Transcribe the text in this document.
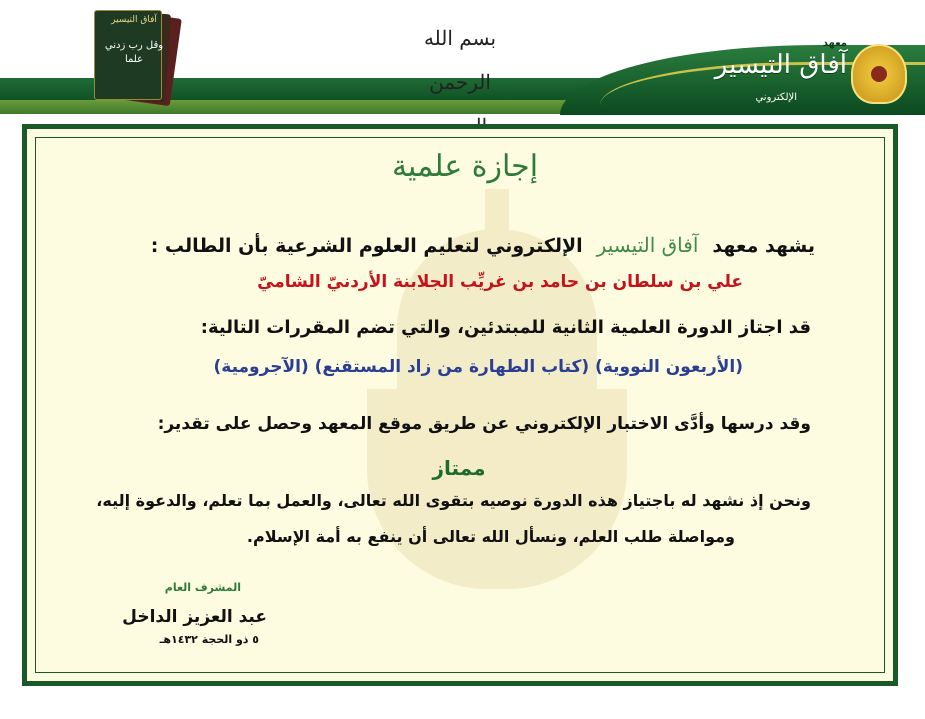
بسم الله الرحمن
آفاق التيسير
وقل رب زدني علما
معهد
آفاق التيسير
الإلكتروني
إجازة علمية
يشهد معهدآفاق التيسيرالإلكتروني لتعليم العلوم الشرعية بأن الطالب :
علي بن سلطان بن حامد بن غريِّب الجلابنة الأردنيّ الشاميّ
قد اجتاز الدورة العلمية الثانية للمبتدئين، والتي تضم المقررات التالية:
(الأربعون النووية) (كتاب الطهارة من زاد المستقنع) (الآجرومية)
وقد درسها وأدَّى الاختبار الإلكتروني عن طريق موقع المعهد وحصل على تقدير:
ممتاز
ونحن إذ نشهد له باجتياز هذه الدورة نوصيه بتقوى الله تعالى، والعمل بما تعلم، والدعوة إليه،
ومواصلة طلب العلم، ونسأل الله تعالى أن ينفع به أمة الإسلام.
المشرف العام
عبد العزيز الداخل
٥ ذو الحجة ١٤٣٢هـ
